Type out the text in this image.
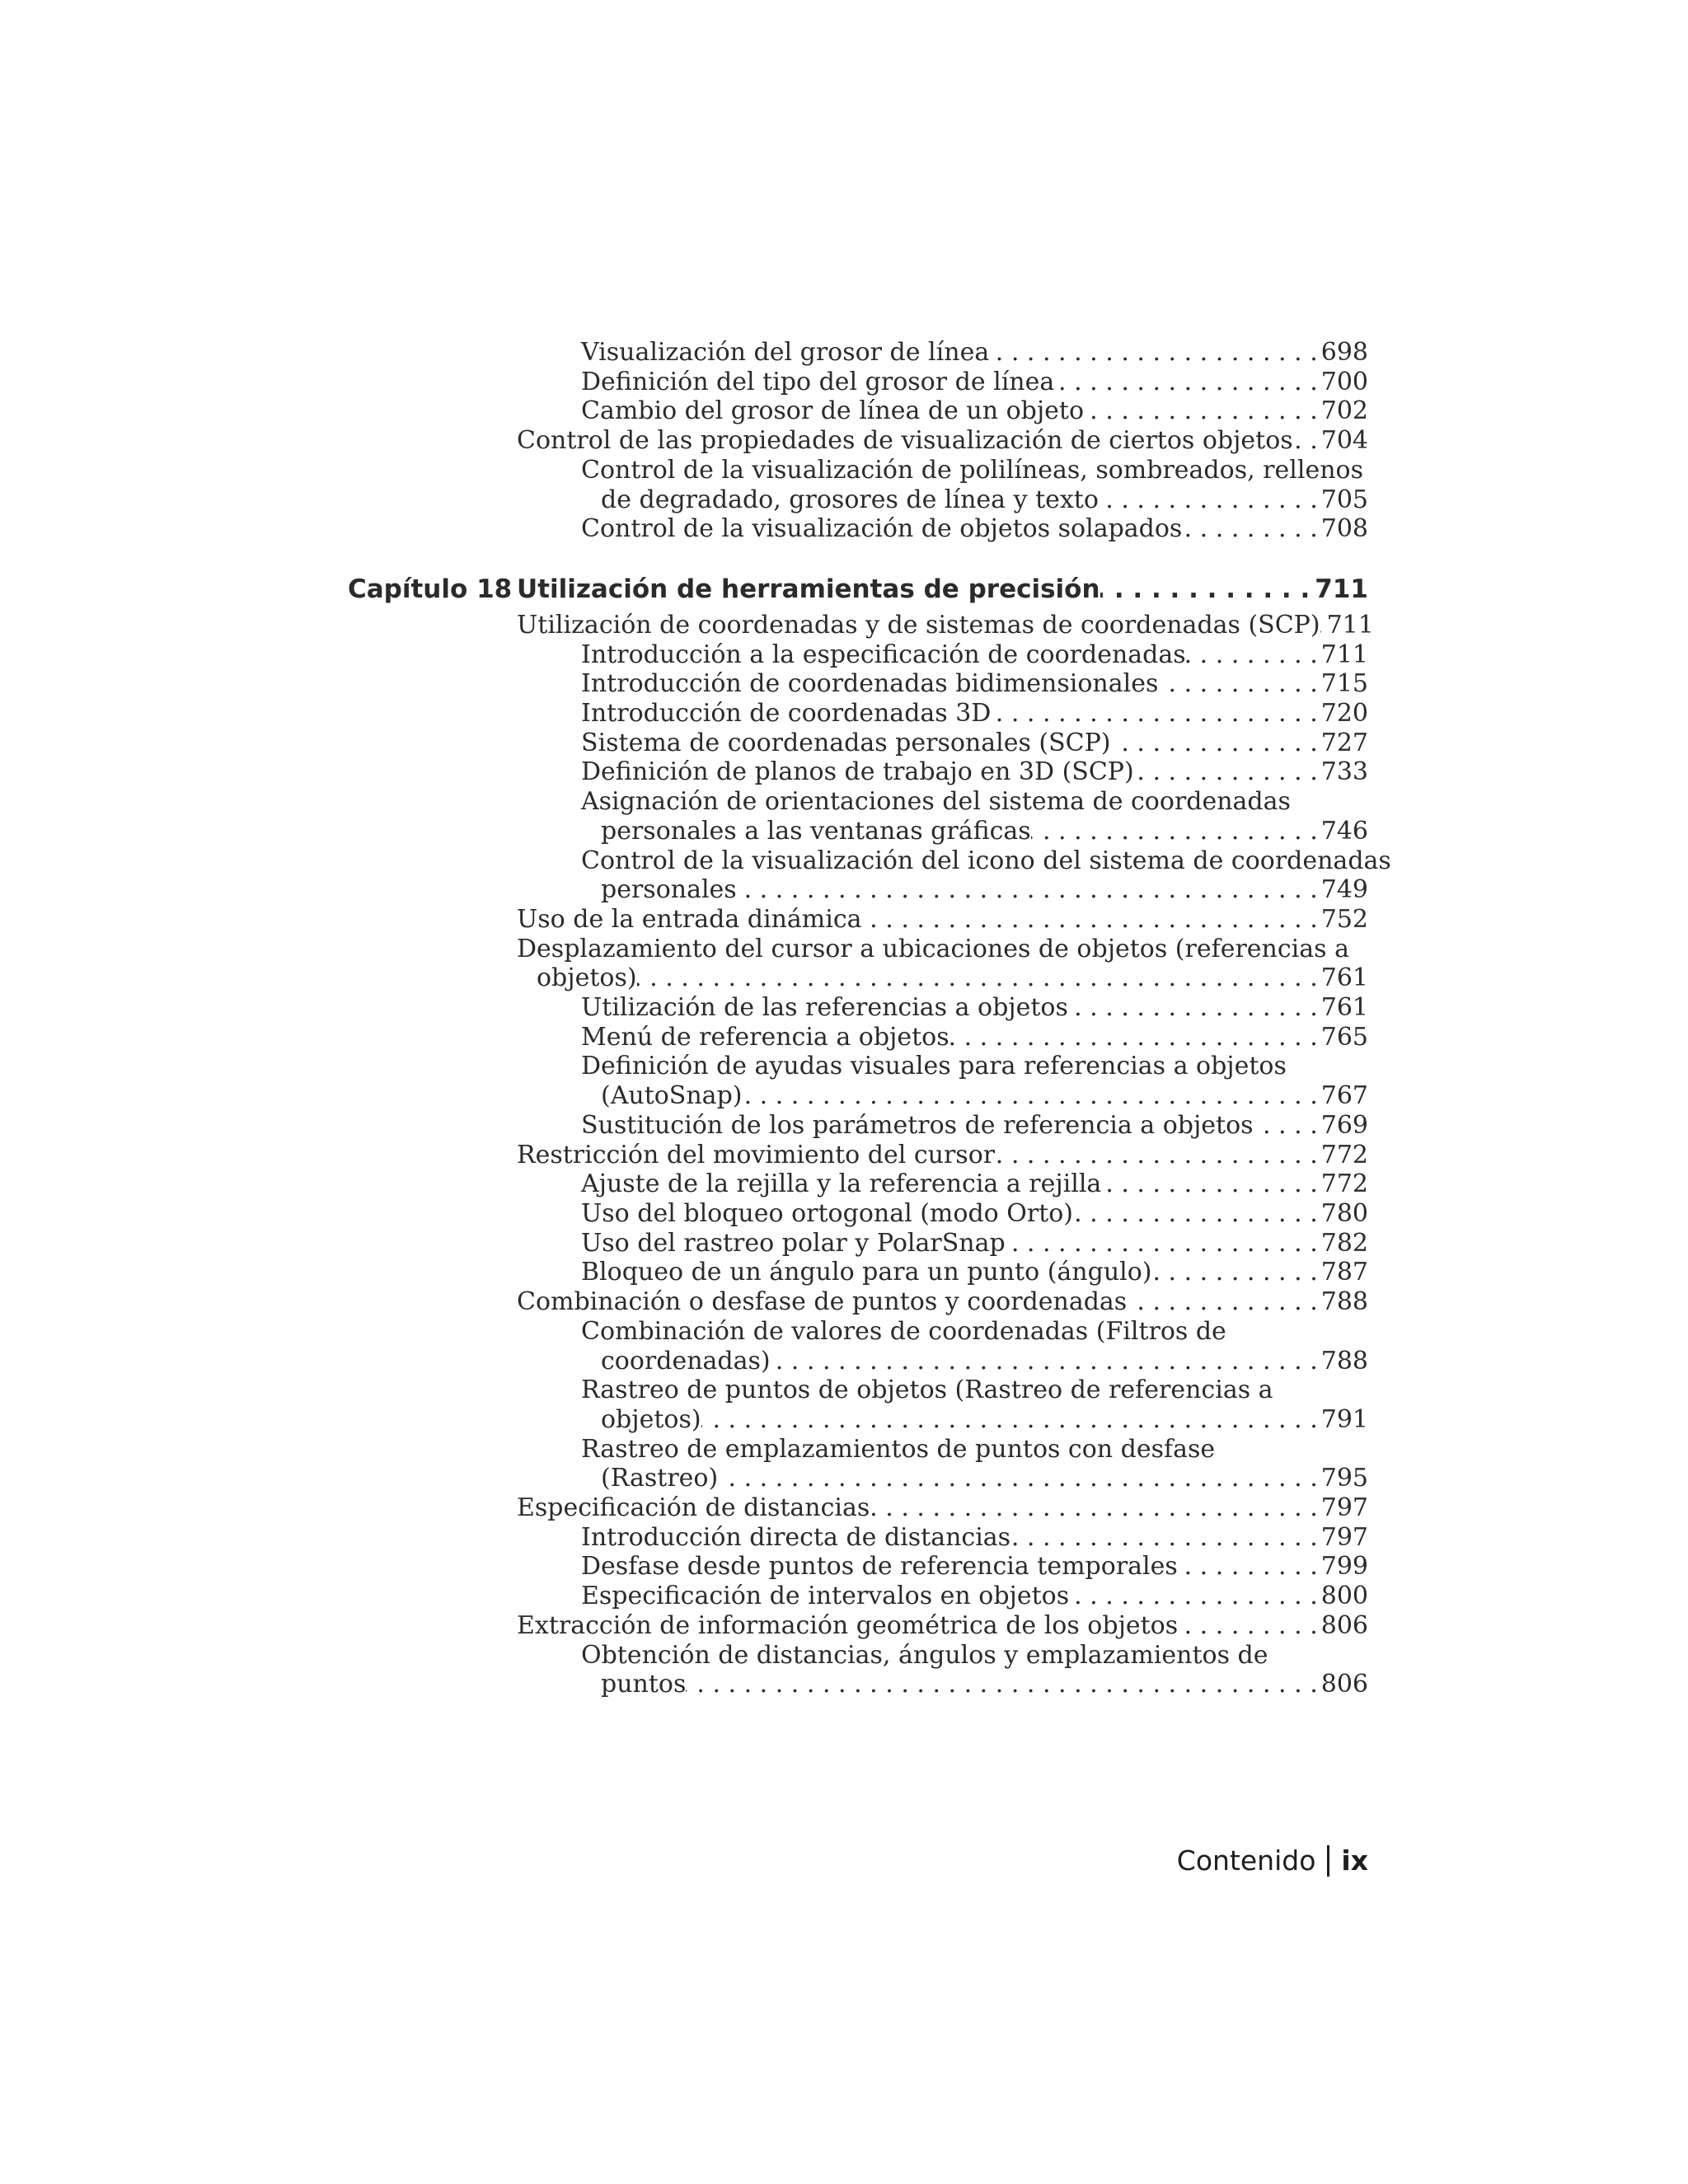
Visualización del grosor de línea . . .	698
Definición del tipo del grosor de línea . . .	700
Cambio del grosor de línea de un objeto . . .	702
Control de las propiedades de visualización de ciertos objetos . . . 704
Control de la visualización de polilíneas, sombreados, rellenos
de degradado, grosores de línea y texto . . .	705
Control de la visualización de objetos solapados . . .	708
Capítulo 18 Utilización de herramientas de precisión . . .	711
Utilización de coordenadas y de sistemas de coordenadas (SCP) . . . 711
Introducción a la especificación de coordenadas . . .	711
Introducción de coordenadas bidimensionales . . .	715
Introducción de coordenadas 3D . . .	720
Sistema de coordenadas personales (SCP) . . .	727
Definición de planos de trabajo en 3D (SCP) . . .	733
Asignación de orientaciones del sistema de coordenadas
personales a las ventanas gráficas . . .	746
Control de la visualización del icono del sistema de coordenadas
personales . . .	749
Uso de la entrada dinámica . . .	752
Desplazamiento del cursor a ubicaciones de objetos (referencias a
objetos) . . .	761
Utilización de las referencias a objetos . . .	761
Menú de referencia a objetos . . .	765
Definición de ayudas visuales para referencias a objetos
(AutoSnap) . . .	767
Sustitución de los parámetros de referencia a objetos . . .	769
Restricción del movimiento del cursor . . .	772
Ajuste de la rejilla y la referencia a rejilla . . .	772
Uso del bloqueo ortogonal (modo Orto) . . .	780
Uso del rastreo polar y PolarSnap . . .	782
Bloqueo de un ángulo para un punto (ángulo) . . .	787
Combinación o desfase de puntos y coordenadas . . .	788
Combinación de valores de coordenadas (Filtros de
coordenadas) . . .	788
Rastreo de puntos de objetos (Rastreo de referencias a
objetos) . . .	791
Rastreo de emplazamientos de puntos con desfase
(Rastreo) . . .	795
Especificación de distancias . . .	797
Introducción directa de distancias . . .	797
Desfase desde puntos de referencia temporales . . .	799
Especificación de intervalos en objetos . . .	800
Extracción de información geométrica de los objetos . . .	806
Obtención de distancias, ángulos y emplazamientos de
puntos . . .	806
Contenido ix
